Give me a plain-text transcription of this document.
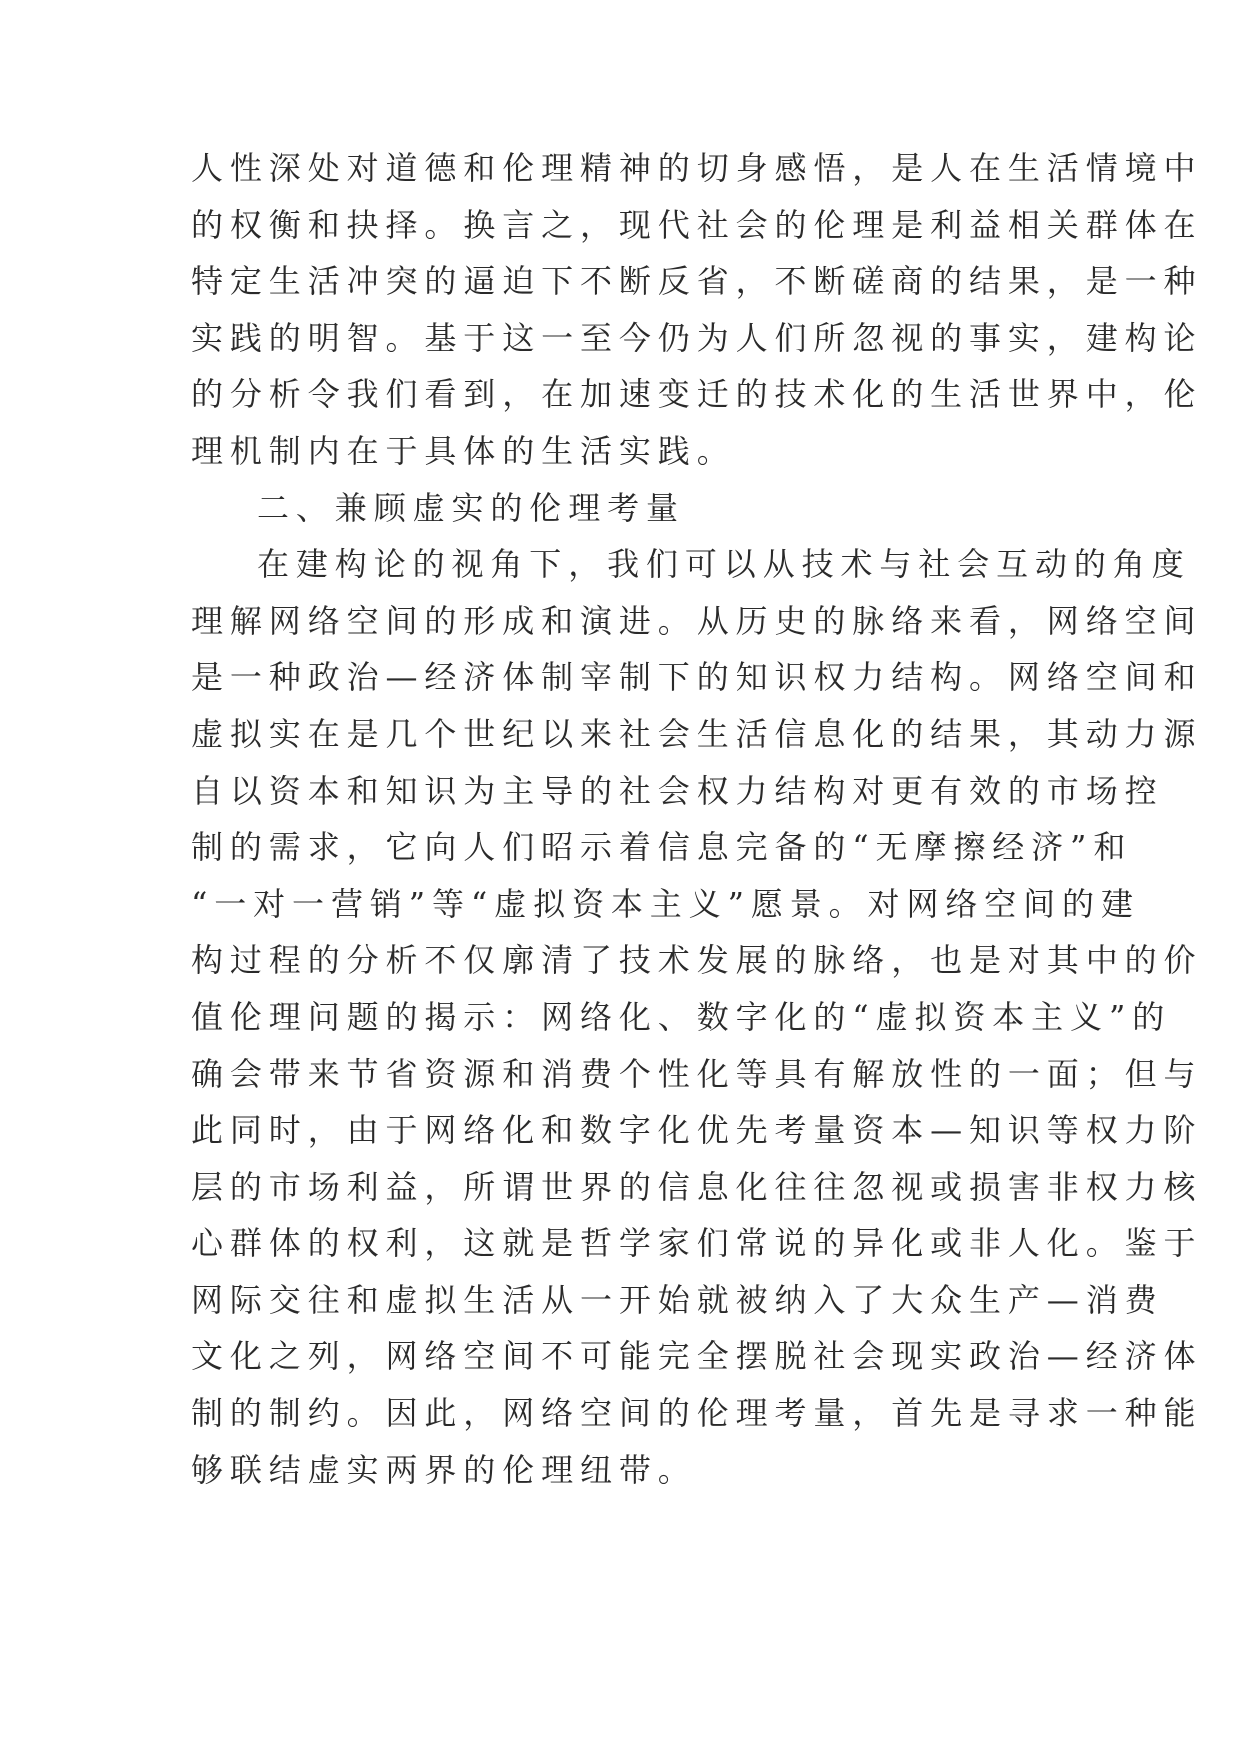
人性深处对道德和伦理精神的切身感悟，是人在生活情境中
的权衡和抉择。换言之，现代社会的伦理是利益相关群体在
特定生活冲突的逼迫下不断反省，不断磋商的结果，是一种
实践的明智。基于这一至今仍为人们所忽视的事实，建构论
的分析令我们看到，在加速变迁的技术化的生活世界中，伦
理机制内在于具体的生活实践。
二、兼顾虚实的伦理考量
在建构论的视角下，我们可以从技术与社会互动的角度
理解网络空间的形成和演进。从历史的脉络来看，网络空间
是一种政治—经济体制宰制下的知识权力结构。网络空间和
虚拟实在是几个世纪以来社会生活信息化的结果，其动力源
自以资本和知识为主导的社会权力结构对更有效的市场控
制的需求，它向人们昭示着信息完备的“无摩擦经济”和
“一对一营销”等“虚拟资本主义”愿景。对网络空间的建
构过程的分析不仅廓清了技术发展的脉络，也是对其中的价
值伦理问题的揭示：网络化、数字化的“虚拟资本主义”的
确会带来节省资源和消费个性化等具有解放性的一面；但与
此同时，由于网络化和数字化优先考量资本—知识等权力阶
层的市场利益，所谓世界的信息化往往忽视或损害非权力核
心群体的权利，这就是哲学家们常说的异化或非人化。鉴于
网际交往和虚拟生活从一开始就被纳入了大众生产—消费
文化之列，网络空间不可能完全摆脱社会现实政治—经济体
制的制约。因此，网络空间的伦理考量，首先是寻求一种能
够联结虚实两界的伦理纽带。
